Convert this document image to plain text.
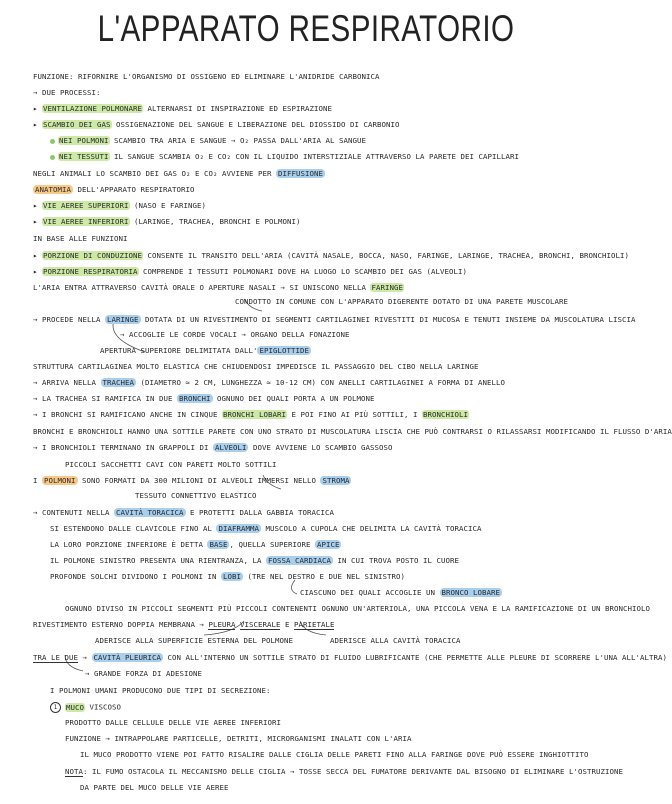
L'APPARATO RESPIRATORIO
FUNZIONE: RIFORNIRE L'ORGANISMO DI OSSIGENO ED ELIMINARE L'ANIDRIDE CARBONICA
→ DUE PROCESSI:
▸ VENTILAZIONE POLMONARE ALTERNARSI DI INSPIRAZIONE ED ESPIRAZIONE
▸ SCAMBIO DEI GAS OSSIGENAZIONE DEL SANGUE E LIBERAZIONE DEL DIOSSIDO DI CARBONIO
NEI POLMONI SCAMBIO TRA ARIA E SANGUE → O₂ PASSA DALL'ARIA AL SANGUE
NEI TESSUTI IL SANGUE SCAMBIA O₂ E CO₂ CON IL LIQUIDO INTERSTIZIALE ATTRAVERSO LA PARETE DEI CAPILLARI
NEGLI ANIMALI LO SCAMBIO DEI GAS O₂ E CO₂ AVVIENE PER DIFFUSIONE
ANATOMIA DELL'APPARATO RESPIRATORIO
▸ VIE AEREE SUPERIORI (NASO E FARINGE)
▸ VIE AEREE INFERIORI (LARINGE, TRACHEA, BRONCHI E POLMONI)
IN BASE ALLE FUNZIONI
▸ PORZIONE DI CONDUZIONE CONSENTE IL TRANSITO DELL'ARIA (CAVITÀ NASALE, BOCCA, NASO, FARINGE, LARINGE, TRACHEA, BRONCHI, BRONCHIOLI)
▸ PORZIONE RESPIRATORIA COMPRENDE I TESSUTI POLMONARI DOVE HA LUOGO LO SCAMBIO DEI GAS (ALVEOLI)
L'ARIA ENTRA ATTRAVERSO CAVITÀ ORALE O APERTURE NASALI → SI UNISCONO NELLA FARINGE
CONDOTTO IN COMUNE CON L'APPARATO DIGERENTE DOTATO DI UNA PARETE MUSCOLARE
→ PROCEDE NELLA LARINGE DOTATA DI UN RIVESTIMENTO DI SEGMENTI CARTILAGINEI RIVESTITI DI MUCOSA E TENUTI INSIEME DA MUSCOLATURA LISCIA
→ ACCOGLIE LE CORDE VOCALI → ORGANO DELLA FONAZIONE
APERTURA SUPERIORE DELIMITATA DALL' EPIGLOTTIDE
STRUTTURA CARTILAGINEA MOLTO ELASTICA CHE CHIUDENDOSI IMPEDISCE IL PASSAGGIO DEL CIBO NELLA LARINGE
→ ARRIVA NELLA TRACHEA (DIAMETRO ≈ 2 CM, LUNGHEZZA ≈ 10-12 CM) CON ANELLI CARTILAGINEI A FORMA DI ANELLO
→ LA TRACHEA SI RAMIFICA IN DUE BRONCHI OGNUNO DEI QUALI PORTA A UN POLMONE
→ I BRONCHI SI RAMIFICANO ANCHE IN CINQUE BRONCHI LOBARI E POI FINO AI PIÙ SOTTILI, I BRONCHIOLI
BRONCHI E BRONCHIOLI HANNO UNA SOTTILE PARETE CON UNO STRATO DI MUSCOLATURA LISCIA CHE PUÒ CONTRARSI O RILASSARSI MODIFICANDO IL FLUSSO D'ARIA
→ I BRONCHIOLI TERMINANO IN GRAPPOLI DI ALVEOLI DOVE AVVIENE LO SCAMBIO GASSOSO
PICCOLI SACCHETTI CAVI CON PARETI MOLTO SOTTILI
I POLMONI SONO FORMATI DA 300 MILIONI DI ALVEOLI IMMERSI NELLO STROMA
TESSUTO CONNETTIVO ELASTICO
→ CONTENUTI NELLA CAVITÀ TORACICA E PROTETTI DALLA GABBIA TORACICA
SI ESTENDONO DALLE CLAVICOLE FINO AL DIAFRAMMA MUSCOLO A CUPOLA CHE DELIMITA LA CAVITÀ TORACICA
LA LORO PORZIONE INFERIORE È DETTA BASE , QUELLA SUPERIORE APICE
IL POLMONE SINISTRO PRESENTA UNA RIENTRANZA, LA FOSSA CARDIACA IN CUI TROVA POSTO IL CUORE
PROFONDE SOLCHI DIVIDONO I POLMONI IN LOBI (TRE NEL DESTRO E DUE NEL SINISTRO)
CIASCUNO DEI QUALI ACCOGLIE UN BRONCO LOBARE
OGNUNO DIVISO IN PICCOLI SEGMENTI PIÙ PICCOLI CONTENENTI OGNUNO UN'ARTERIOLA, UNA PICCOLA VENA E LA RAMIFICAZIONE DI UN BRONCHIOLO
RIVESTIMENTO ESTERNO DOPPIA MEMBRANA → PLEURA VISCERALE E PARIETALE
ADERISCE ALLA SUPERFICIE ESTERNA DEL POLMONE	ADERISCE ALLA CAVITÀ TORACICA
TRA LE DUE → CAVITÀ PLEURICA CON ALL'INTERNO UN SOTTILE STRATO DI FLUIDO LUBRIFICANTE (CHE PERMETTE ALLE PLEURE DI SCORRERE L'UNA ALL'ALTRA)
→ GRANDE FORZA DI ADESIONE
I POLMONI UMANI PRODUCONO DUE TIPI DI SECREZIONE:
1 MUCO VISCOSO
PRODOTTO DALLE CELLULE DELLE VIE AEREE INFERIORI
FUNZIONE → INTRAPPOLARE PARTICELLE, DETRITI, MICRORGANISMI INALATI CON L'ARIA
IL MUCO PRODOTTO VIENE POI FATTO RISALIRE DALLE CIGLIA DELLE PARETI FINO ALLA FARINGE DOVE PUÒ ESSERE INGHIOTTITO
NOTA: IL FUMO OSTACOLA IL MECCANISMO DELLE CIGLIA → TOSSE SECCA DEL FUMATORE DERIVANTE DAL BISOGNO DI ELIMINARE L'OSTRUZIONE
DA PARTE DEL MUCO DELLE VIE AEREE
